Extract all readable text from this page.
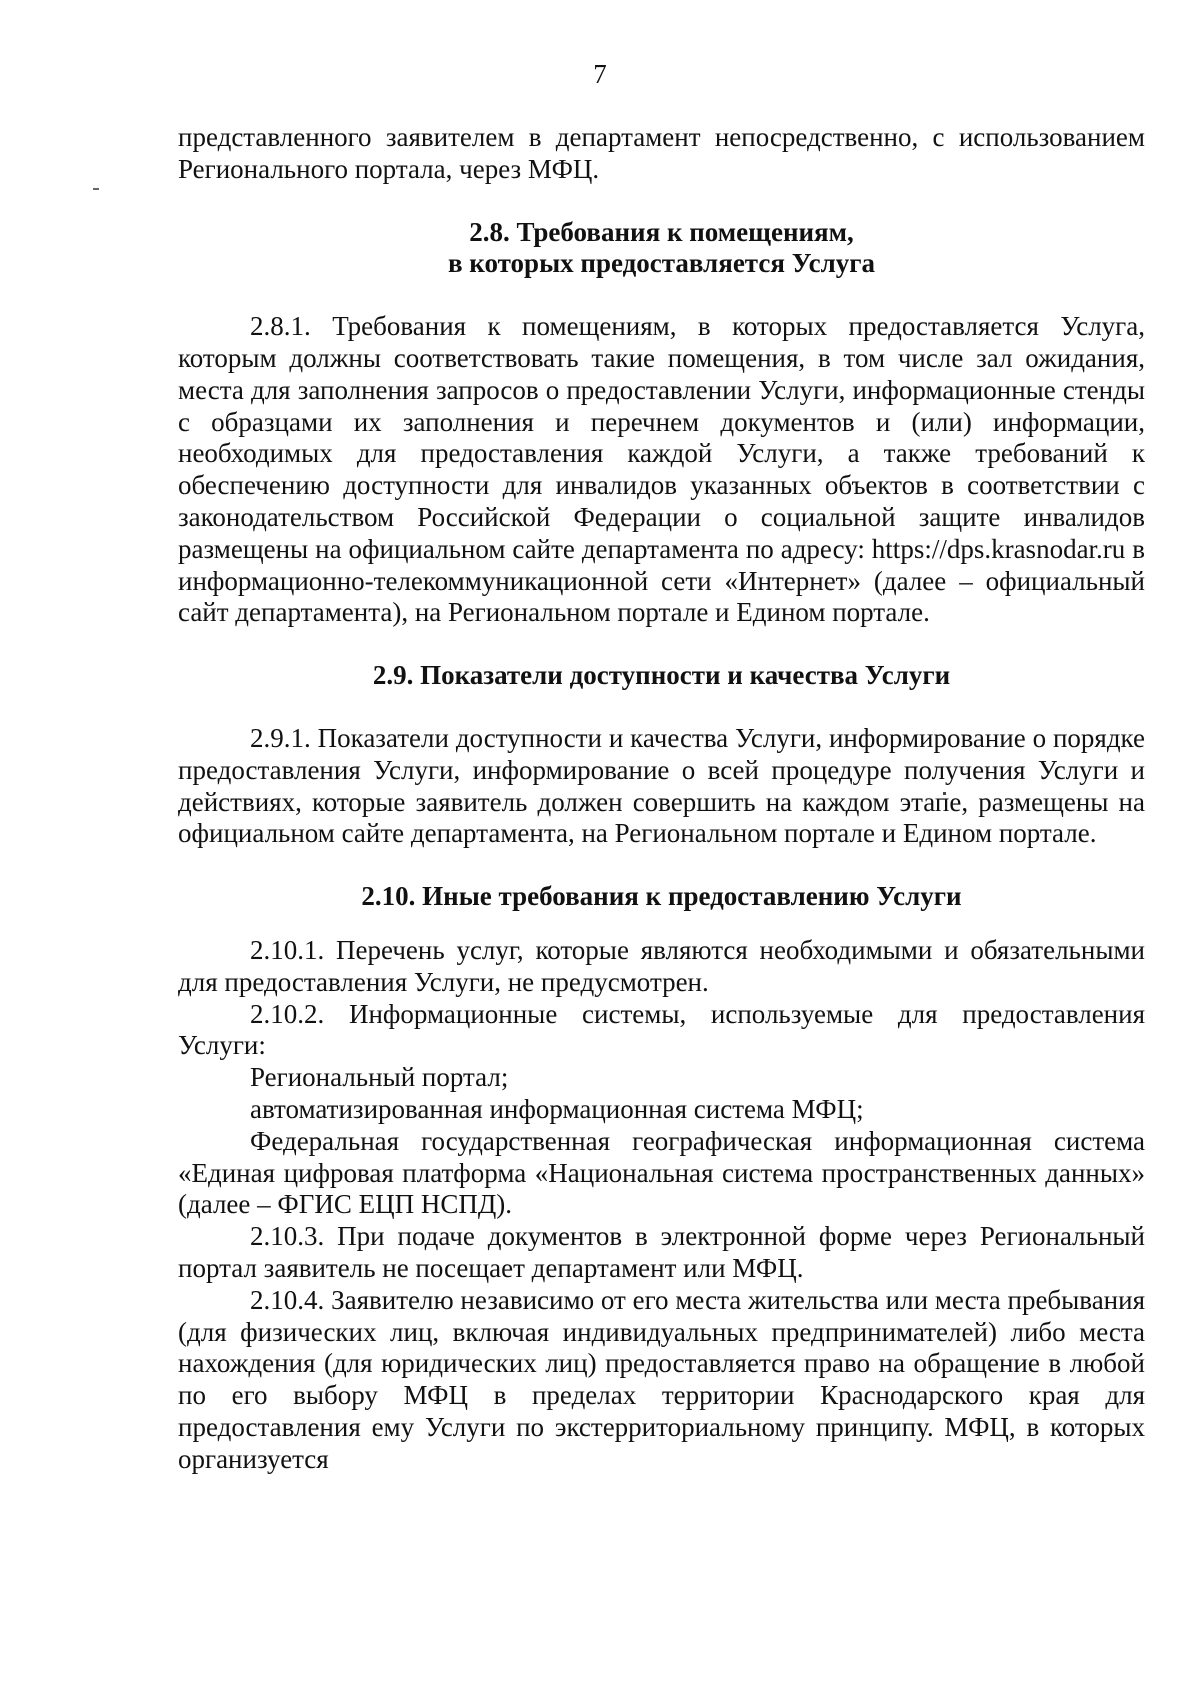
7

представленного заявителем в департамент непосредственно, с использованием Регионального портала, через МФЦ.

2.8. Требования к помещениям,
в которых предоставляется Услуга

2.8.1. Требования к помещениям, в которых предоставляется Услуга, которым должны соответствовать такие помещения, в том числе зал ожидания, места для заполнения запросов о предоставлении Услуги, информационные стенды с образцами их заполнения и перечнем документов и (или) информации, необходимых для предоставления каждой Услуги, а также требований к обеспечению доступности для инвалидов указанных объектов в соответствии с законодательством Российской Федерации о социальной защите инвалидов размещены на официальном сайте департамента по адресу: https://dps.krasnodar.ru в информационно-телекоммуникационной сети «Интернет» (далее – официальный сайт департамента), на Региональном портале и Едином портале.

2.9. Показатели доступности и качества Услуги

2.9.1. Показатели доступности и качества Услуги, информирование о порядке предоставления Услуги, информирование о всей процедуре получения Услуги и действиях, которые заявитель должен совершить на каждом этапе, размещены на официальном сайте департамента, на Региональном портале и Едином портале.

2.10. Иные требования к предоставлению Услуги

2.10.1. Перечень услуг, которые являются необходимыми и обязательными для предоставления Услуги, не предусмотрен.

2.10.2. Информационные системы, используемые для предоставления Услуги:

Региональный портал;

автоматизированная информационная система МФЦ;

Федеральная государственная географическая информационная система «Единая цифровая платформа «Национальная система пространственных данных» (далее – ФГИС ЕЦП НСПД).

2.10.3. При подаче документов в электронной форме через Региональный портал заявитель не посещает департамент или МФЦ.

2.10.4. Заявителю независимо от его места жительства или места пребывания (для физических лиц, включая индивидуальных предпринимателей) либо места нахождения (для юридических лиц) предоставляется право на обращение в любой по его выбору МФЦ в пределах территории Краснодарского края для предоставления ему Услуги по экстерриториальному принципу. МФЦ, в которых организуется
